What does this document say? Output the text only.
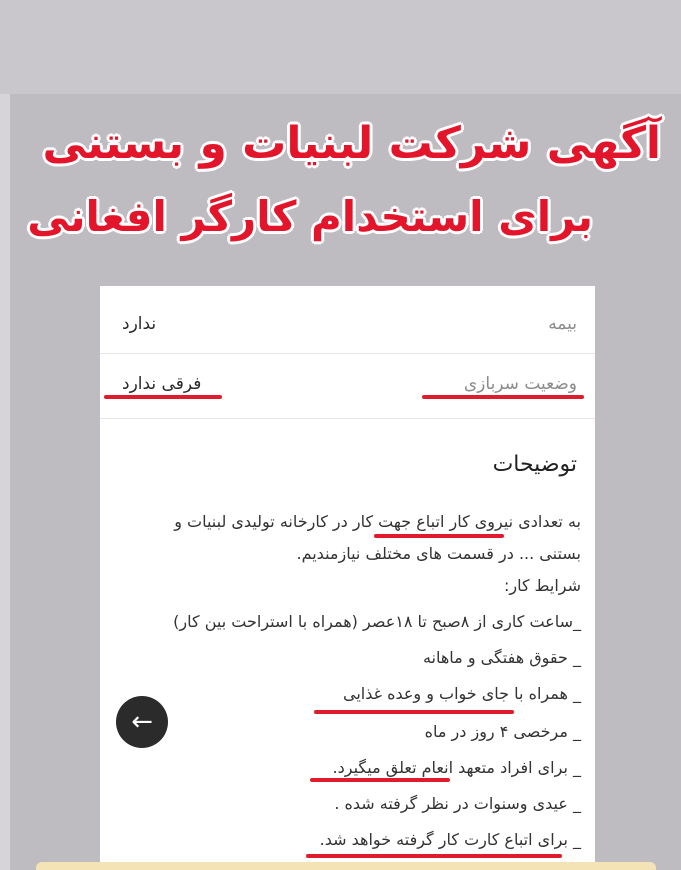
آگهی شرکت لبنیات و بستنی
برای استخدام کارگر افغانی
بیمه
ندارد
وضعیت سربازی
فرقی ندارد
توضیحات
به تعدادی نیروی کار اتباع جهت کار در کارخانه تولیدی لبنیات و
بستنی ... در قسمت های مختلف نیازمندیم.
شرایط کار:
_ساعت کاری از ۸صبح تا ۱۸عصر (همراه با استراحت بین کار)
_ حقوق هفتگی و ماهانه
_ همراه با جای خواب و وعده غذایی
_ مرخصی ۴ روز در ماه
_ برای افراد متعهد انعام تعلق میگیرد.
_ عیدی وسنوات در نظر گرفته شده .
_ برای اتباع کارت کار گرفته خواهد شد.
←
